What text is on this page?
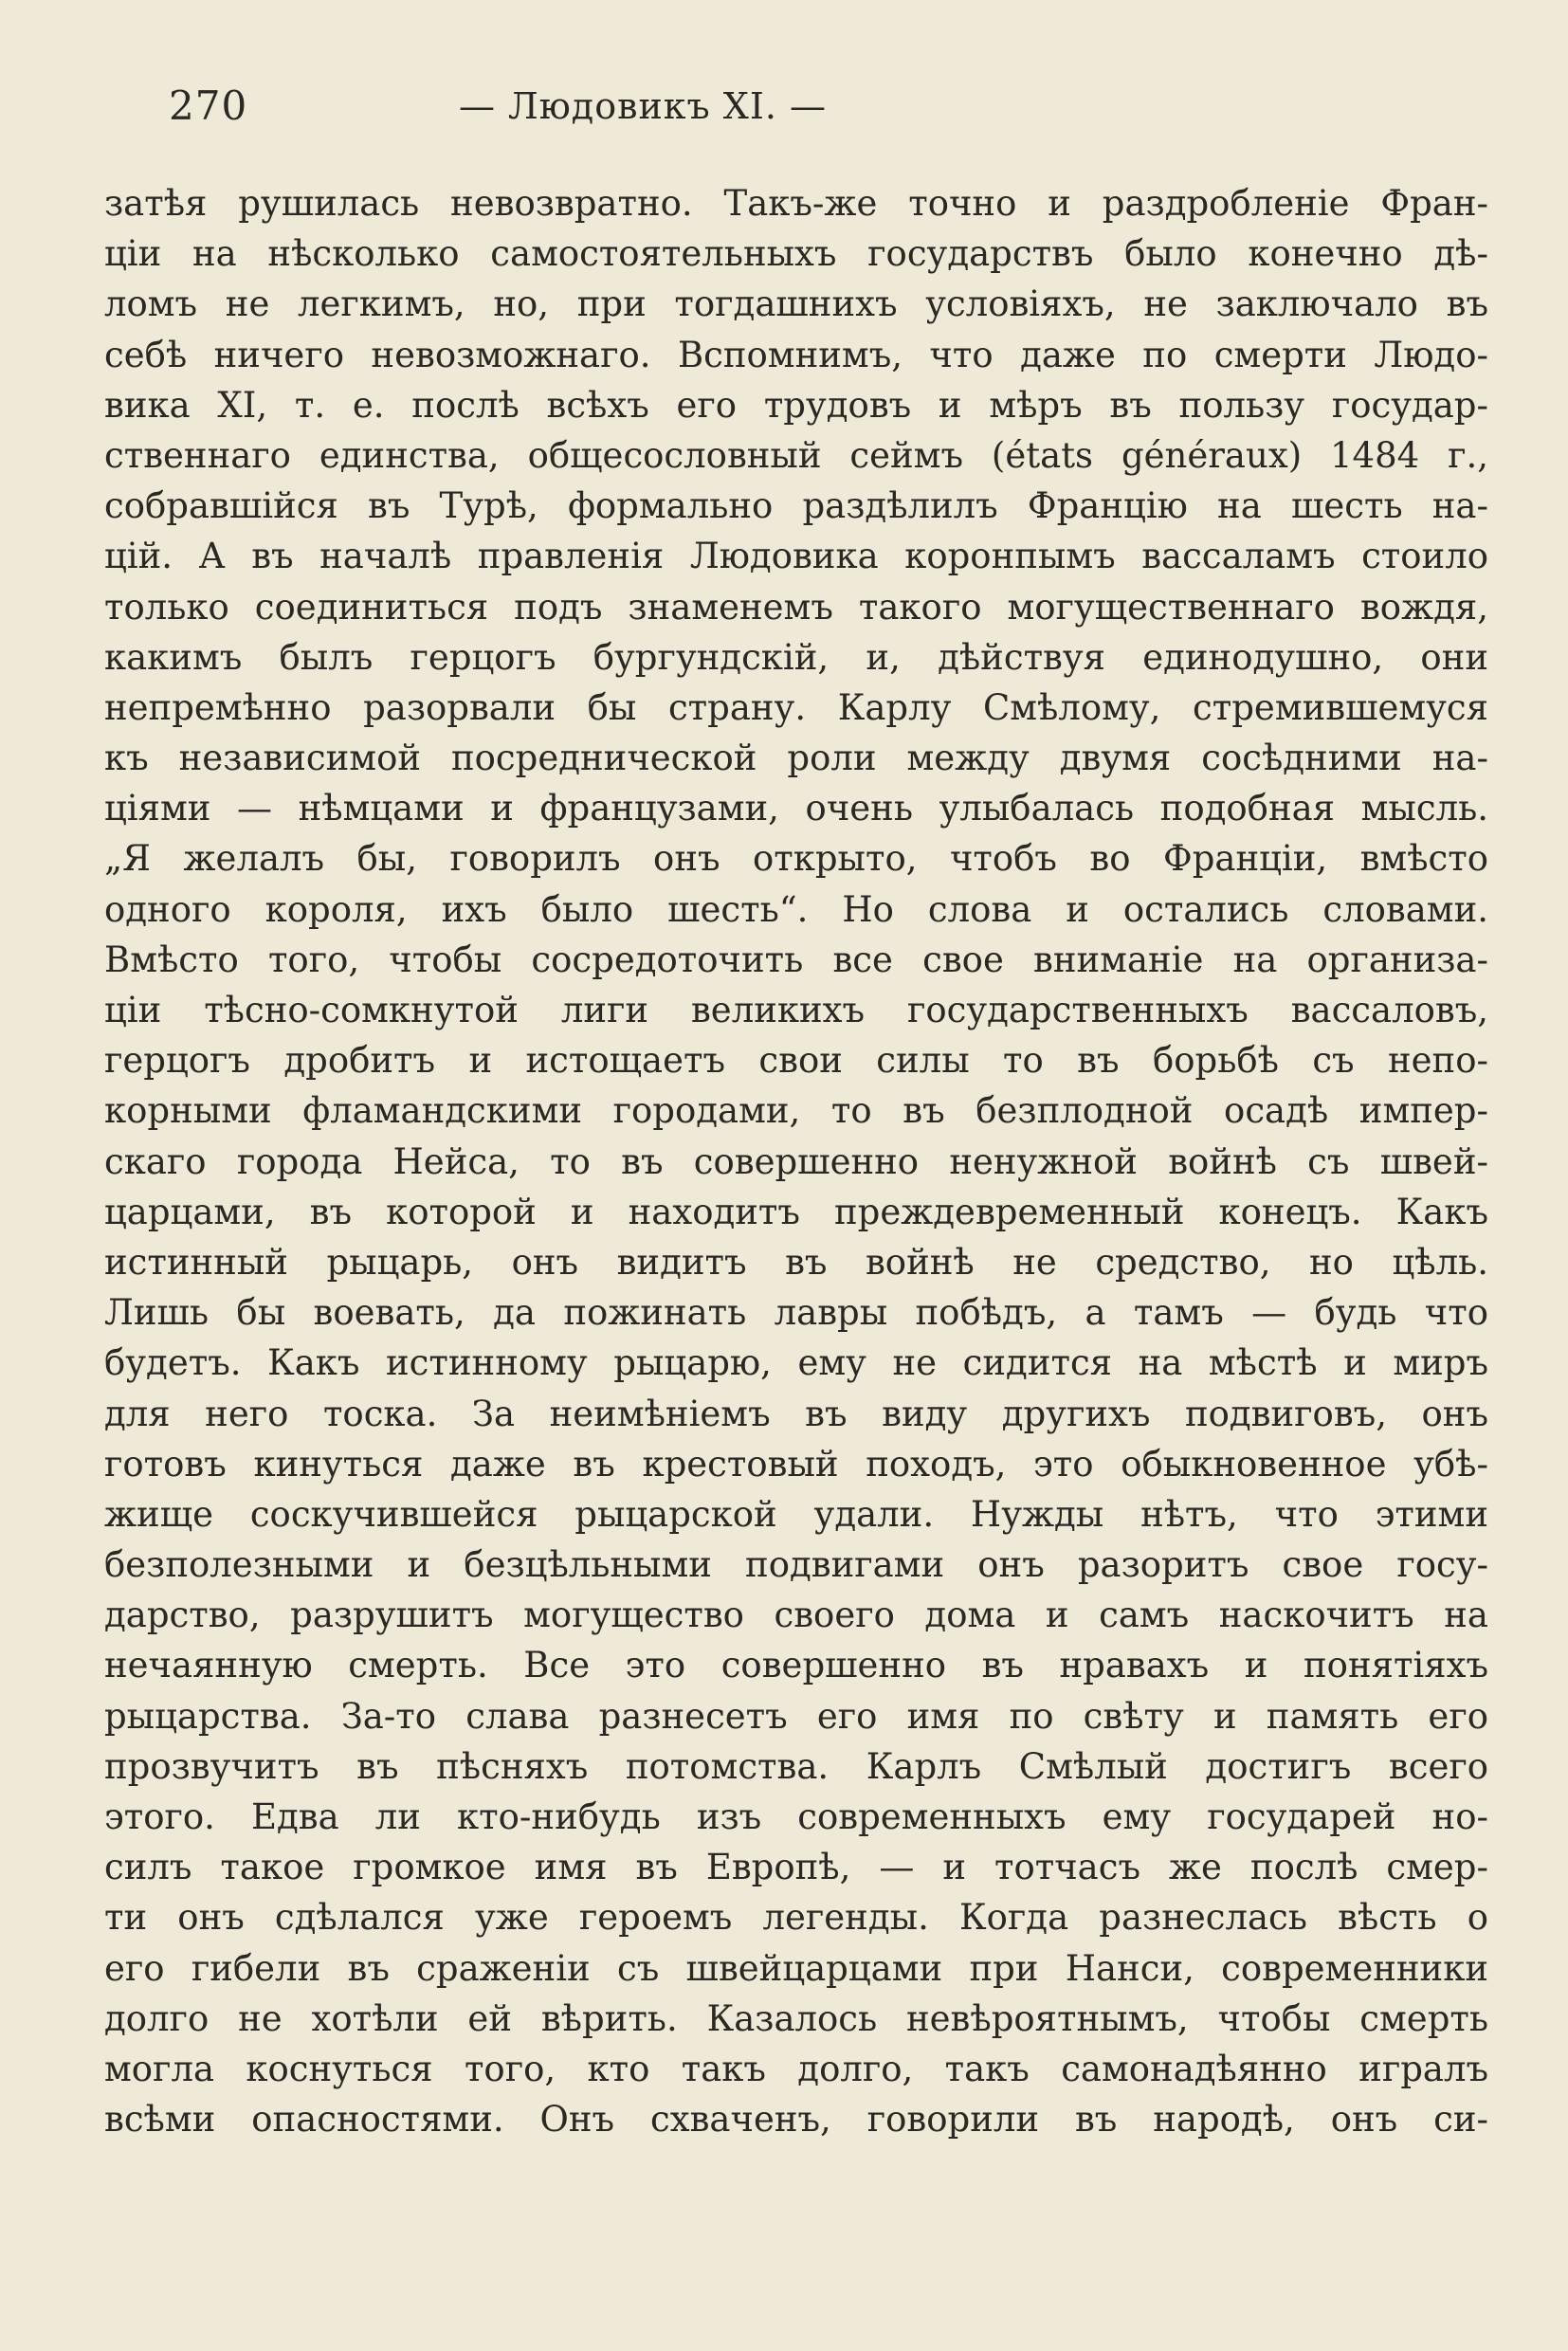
270	— Людовикъ XI. —
затѣя рушилась невозвратно. Такъ-же точно и раздробленіе Фран-
ціи на нѣсколько самостоятельныхъ государствъ было конечно дѣ-
ломъ не легкимъ, но, при тогдашнихъ условіяхъ, не заключало въ
себѣ ничего невозможнаго. Вспомнимъ, что даже по смерти Людо-
вика XI, т. е. послѣ всѣхъ его трудовъ и мѣръ въ пользу государ-
ственнаго единства, общесословный сеймъ (états généraux) 1484 г.,
собравшійся въ Турѣ, формально раздѣлилъ Францію на шесть на-
цій. А въ началѣ правленія Людовика коронпымъ вассаламъ стоило
только соединиться подъ знаменемъ такого могущественнаго вождя,
какимъ былъ герцогъ бургундскій, и, дѣйствуя единодушно, они
непремѣнно разорвали бы страну. Карлу Смѣлому, стремившемуся
къ независимой посреднической роли между двумя сосѣдними на-
ціями — нѣмцами и французами, очень улыбалась подобная мысль.
„Я желалъ бы, говорилъ онъ открыто, чтобъ во Франціи, вмѣсто
одного короля, ихъ было шесть“. Но слова и остались словами.
Вмѣсто того, чтобы сосредоточить все свое вниманіе на организа-
ціи тѣсно-сомкнутой лиги великихъ государственныхъ вассаловъ,
герцогъ дробитъ и истощаетъ свои силы то въ борьбѣ съ непо-
корными фламандскими городами, то въ безплодной осадѣ импер-
скаго города Нейса, то въ совершенно ненужной войнѣ съ швей-
царцами, въ которой и находитъ преждевременный конецъ. Какъ
истинный рыцарь, онъ видитъ въ войнѣ не средство, но цѣль.
Лишь бы воевать, да пожинать лавры побѣдъ, а тамъ — будь что
будетъ. Какъ истинному рыцарю, ему не сидится на мѣстѣ и миръ
для него тоска. За неимѣніемъ въ виду другихъ подвиговъ, онъ
готовъ кинуться даже въ крестовый походъ, это обыкновенное убѣ-
жище соскучившейся рыцарской удали. Нужды нѣтъ, что этими
безполезными и безцѣльными подвигами онъ разоритъ свое госу-
дарство, разрушитъ могущество своего дома и самъ наскочитъ на
нечаянную смерть. Все это совершенно въ нравахъ и понятіяхъ
рыцарства. За-то слава разнесетъ его имя по свѣту и память его
прозвучитъ въ пѣсняхъ потомства. Карлъ Смѣлый достигъ всего
этого. Едва ли кто-нибудь изъ современныхъ ему государей но-
силъ такое громкое имя въ Европѣ, — и тотчасъ же послѣ смер-
ти онъ сдѣлался уже героемъ легенды. Когда разнеслась вѣсть о
его гибели въ сраженіи съ швейцарцами при Нанси, современники
долго не хотѣли ей вѣрить. Казалось невѣроятнымъ, чтобы смерть
могла коснуться того, кто такъ долго, такъ самонадѣянно игралъ
всѣми опасностями. Онъ схваченъ, говорили въ народѣ, онъ си-
